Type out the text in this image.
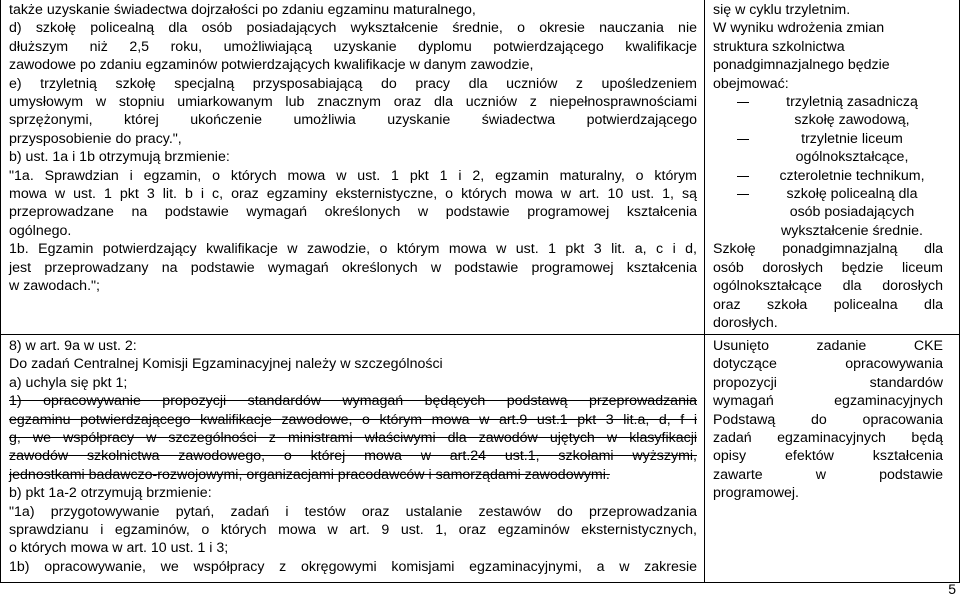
także uzyskanie świadectwa dojrzałości po zdaniu egzaminu maturalnego,
d) szkołę policealną dla osób posiadających wykształcenie średnie, o okresie nauczania nie
dłuższym niż 2,5 roku, umożliwiającą uzyskanie dyplomu potwierdzającego kwalifikacje
zawodowe po zdaniu egzaminów potwierdzających kwalifikacje w danym zawodzie,
e) trzyletnią szkołę specjalną przysposabiającą do pracy dla uczniów z upośledzeniem
umysłowym w stopniu umiarkowanym lub znacznym oraz dla uczniów z niepełnosprawnościami
sprzężonymi, której ukończenie umożliwia uzyskanie świadectwa potwierdzającego
przysposobienie do pracy.",
b) ust. 1a i 1b otrzymują brzmienie:
"1a. Sprawdzian i egzamin, o których mowa w ust. 1 pkt 1 i 2, egzamin maturalny, o którym
mowa w ust. 1 pkt 3 lit. b i c, oraz egzaminy eksternistyczne, o których mowa w art. 10 ust. 1, są
przeprowadzane na podstawie wymagań określonych w podstawie programowej kształcenia
ogólnego.
1b. Egzamin potwierdzający kwalifikacje w zawodzie, o którym mowa w ust. 1 pkt 3 lit. a, c i d,
jest przeprowadzany na podstawie wymagań określonych w podstawie programowej kształcenia
w zawodach.";
8) w art. 9a w ust. 2:
Do zadań Centralnej Komisji Egzaminacyjnej należy w szczególności
a) uchyla się pkt 1;
1) opracowywanie propozycji standardów wymagań będących podstawą przeprowadzania
egzaminu potwierdzającego kwalifikacje zawodowe, o którym mowa w art.9 ust.1 pkt 3 lit.a, d, f i
g, we współpracy w szczególności z ministrami właściwymi dla zawodów ujętych w klasyfikacji
zawodów szkolnictwa zawodowego, o której mowa w art.24 ust.1, szkołami wyższymi,
jednostkami badawczo-rozwojowymi, organizacjami pracodawców i samorządami zawodowymi.
b) pkt 1a-2 otrzymują brzmienie:
"1a) przygotowywanie pytań, zadań i testów oraz ustalanie zestawów do przeprowadzania
sprawdzianu i egzaminów, o których mowa w art. 9 ust. 1, oraz egzaminów eksternistycznych,
o których mowa w art. 10 ust. 1 i 3;
1b) opracowywanie, we współpracy z okręgowymi komisjami egzaminacyjnymi, a w zakresie
się w cyklu trzyletnim.
W wyniku wdrożenia zmian
struktura szkolnictwa
ponadgimnazjalnego będzie
obejmować:
trzyletnią zasadniczą
szkołę zawodową,
trzyletnie liceum
ogólnokształcące,
czteroletnie technikum,
szkołę policealną dla
osób posiadających
wykształcenie średnie.
Szkołę ponadgimnazjalną dla
osób dorosłych będzie liceum
ogólnokształcące dla dorosłych
oraz szkoła policealna dla
dorosłych.
Usunięto zadanie CKE
dotyczące opracowywania
propozycji standardów
wymagań egzaminacyjnych
Podstawą do opracowania
zadań egzaminacyjnych będą
opisy efektów kształcenia
zawarte w podstawie
programowej.
5
